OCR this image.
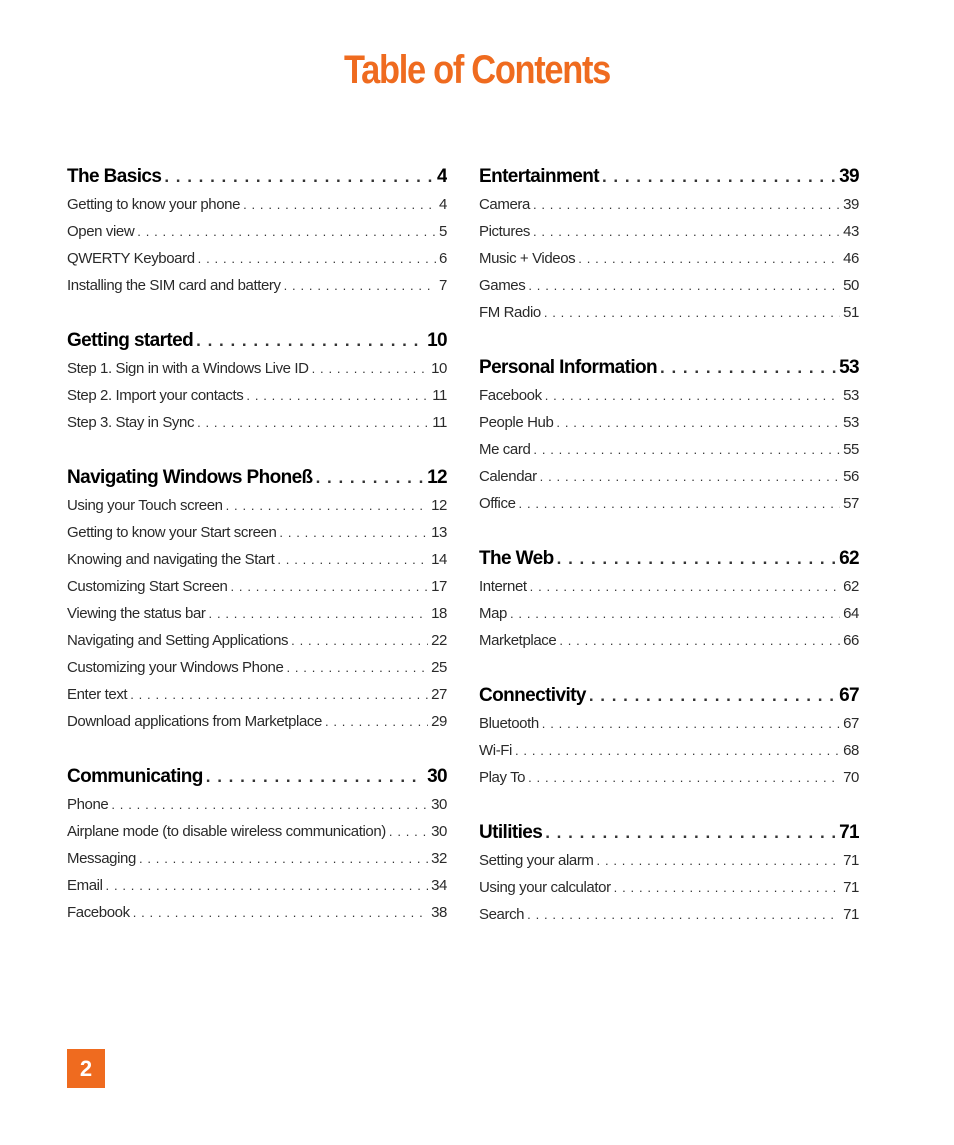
Table of Contents
The Basics . . .	4
Getting to know your phone . . .	4
Open view . . .	5
QWERTY Keyboard . . .	6
Installing the SIM card and battery . . .	7
Getting started . . .	10
Step 1. Sign in with a Windows Live ID . . .	10
Step 2. Import your contacts . . .	11
Step 3. Stay in Sync . . .	11
Navigating Windows Phoneß . . .	12
Using your Touch screen . . .	12
Getting to know your Start screen . . .	13
Knowing and navigating the Start . . .	14
Customizing Start Screen . . .	17
Viewing the status bar . . .	18
Navigating and Setting Applications . . .	22
Customizing your Windows Phone . . .	25
Enter text . . .	27
Download applications from Marketplace . . .	29
Communicating . . .	30
Phone . . .	30
Airplane mode (to disable wireless communication) . . .	30
Messaging . . .	32
Email . . .	34
Facebook . . .	38
Entertainment . . .	39
Camera . . .	39
Pictures . . .	43
Music + Videos . . .	46
Games . . .	50
FM Radio . . .	51
Personal Information . . .	53
Facebook . . .	53
People Hub . . .	53
Me card . . .	55
Calendar . . .	56
Office . . .	57
The Web . . .	62
Internet . . .	62
Map . . .	64
Marketplace . . .	66
Connectivity . . .	67
Bluetooth . . .	67
Wi-Fi . . .	68
Play To . . .	70
Utilities . . .	71
Setting your alarm . . .	71
Using your calculator . . .	71
Search . . .	71
2
